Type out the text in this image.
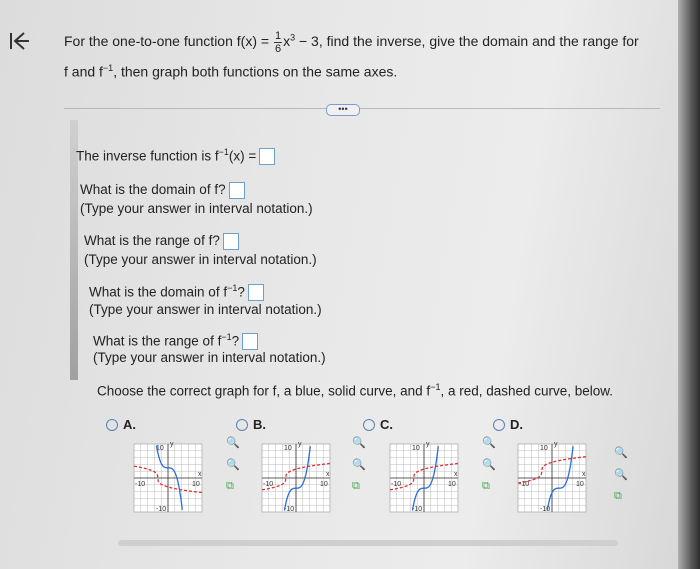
For the one-to-one function $f(x) = \frac{1}{6} x^3 - 3$, find the inverse, give the domain and the range for
f and $f^{-1}$, then graph both functions on the same axes.
•••
The inverse function is $f^{-1}(x)$ =
What is the domain of f?
(Type your answer in interval notation.)
What is the range of f?
(Type your answer in interval notation.)
What is the domain of $f^{-1}$?
(Type your answer in interval notation.)
What is the range of $f^{-1}$?
(Type your answer in interval notation.)
Choose the correct graph for f, a blue, solid curve, and $f^{-1}$, a red, dashed curve, below.
A.	B.	C.	D.
10
-10
-10	10
x
y
10
-10
-10	10
x
y
10
-10
-10	10
x
y
10
-10
-10	10
x
y
🔍
🔍
⧉
🔍
🔍
⧉
🔍
🔍
⧉
🔍
🔍
⧉
